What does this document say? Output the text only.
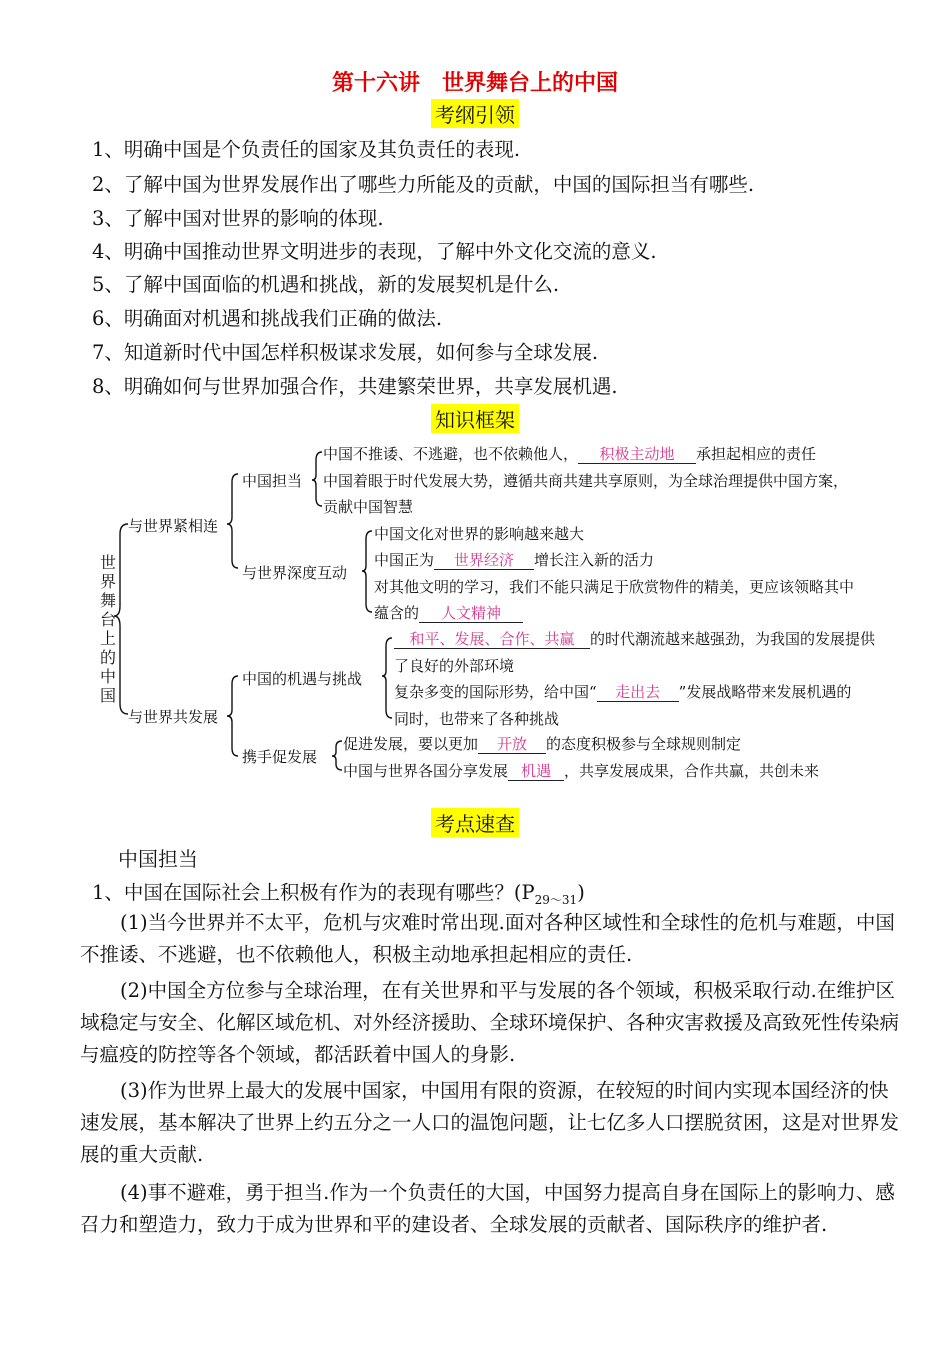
第十六讲　世界舞台上的中国
考纲引领
1、明确中国是个负责任的国家及其负责任的表现.
2、了解中国为世界发展作出了哪些力所能及的贡献，中国的国际担当有哪些.
3、了解中国对世界的影响的体现.
4、明确中国推动世界文明进步的表现，了解中外文化交流的意义.
5、了解中国面临的机遇和挑战，新的发展契机是什么.
6、明确面对机遇和挑战我们正确的做法.
7、知道新时代中国怎样积极谋求发展，如何参与全球发展.
8、明确如何与世界加强合作，共建繁荣世界，共享发展机遇.
知识框架
世界舞台上的中国
与世界紧相连
中国担当
中国不推诿、不逃避，也不依赖他人， 积极主动地 承担起相应的责任
中国着眼于时代发展大势，遵循共商共建共享原则，为全球治理提供中国方案，
贡献中国智慧
与世界深度互动
中国文化对世界的影响越来越大
中国正为 世界经济 增长注入新的活力
对其他文明的学习，我们不能只满足于欣赏物件的精美，更应该领略其中
蕴含的 人文精神
与世界共发展
中国的机遇与挑战
和平、发展、合作、共赢 的时代潮流越来越强劲，为我国的发展提供
了良好的外部环境
复杂多变的国际形势，给中国“ 走出去 ”发展战略带来发展机遇的
同时，也带来了各种挑战
携手促发展
促进发展，要以更加 开放 的态度积极参与全球规则制定
中国与世界各国分享发展 机遇 ，共享发展成果，合作共赢，共创未来
考点速查
中国担当
1、中国在国际社会上积极有作为的表现有哪些？$(P_{29\sim 31})$
(1)当今世界并不太平，危机与灾难时常出现.面对各种区域性和全球性的危机与难题，中国不推诿、不逃避，也不依赖他人，积极主动地承担起相应的责任.
(2)中国全方位参与全球治理，在有关世界和平与发展的各个领域，积极采取行动.在维护区域稳定与安全、化解区域危机、对外经济援助、全球环境保护、各种灾害救援及高致死性传染病与瘟疫的防控等各个领域，都活跃着中国人的身影.
(3)作为世界上最大的发展中国家，中国用有限的资源，在较短的时间内实现本国经济的快速发展，基本解决了世界上约五分之一人口的温饱问题，让七亿多人口摆脱贫困，这是对世界发展的重大贡献.
(4)事不避难，勇于担当.作为一个负责任的大国，中国努力提高自身在国际上的影响力、感召力和塑造力，致力于成为世界和平的建设者、全球发展的贡献者、国际秩序的维护者.
